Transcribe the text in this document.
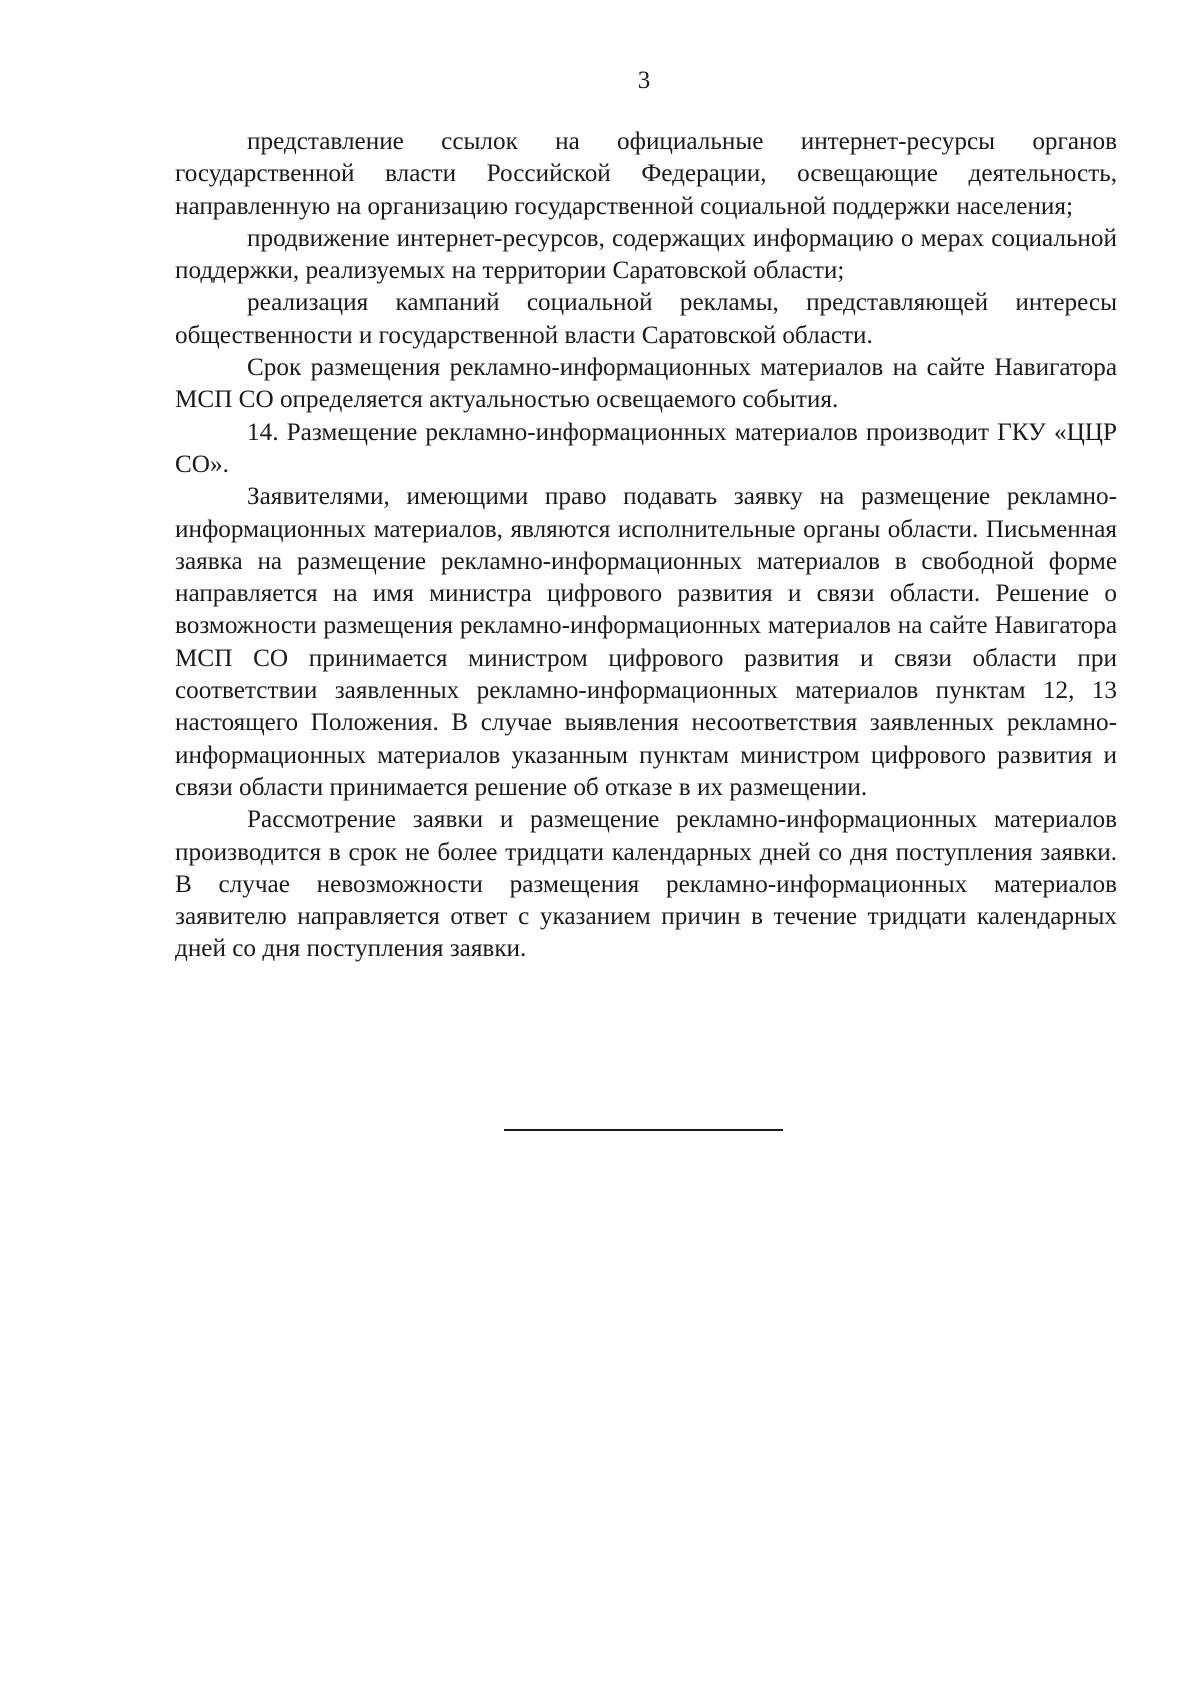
3

представление ссылок на официальные интернет-ресурсы органов государственной власти Российской Федерации, освещающие деятельность, направленную на организацию государственной социальной поддержки населения;

продвижение интернет-ресурсов, содержащих информацию о мерах социальной поддержки, реализуемых на территории Саратовской области;

реализация кампаний социальной рекламы, представляющей интересы общественности и государственной власти Саратовской области.

Срок размещения рекламно-информационных материалов на сайте Навигатора МСП СО определяется актуальностью освещаемого события.

14. Размещение рекламно-информационных материалов производит ГКУ «ЦЦР СО».

Заявителями, имеющими право подавать заявку на размещение рекламно-информационных материалов, являются исполнительные органы области. Письменная заявка на размещение рекламно-информационных материалов в свободной форме направляется на имя министра цифрового развития и связи области. Решение о возможности размещения рекламно-информационных материалов на сайте Навигатора МСП СО принимается министром цифрового развития и связи области при соответствии заявленных рекламно-информационных материалов пунктам 12, 13 настоящего Положения. В случае выявления несоответствия заявленных рекламно-информационных материалов указанным пунктам министром цифрового развития и связи области принимается решение об отказе в их размещении.

Рассмотрение заявки и размещение рекламно-информационных материалов производится в срок не более тридцати календарных дней со дня поступления заявки. В случае невозможности размещения рекламно-информационных материалов заявителю направляется ответ с указанием причин в течение тридцати календарных дней со дня поступления заявки.
